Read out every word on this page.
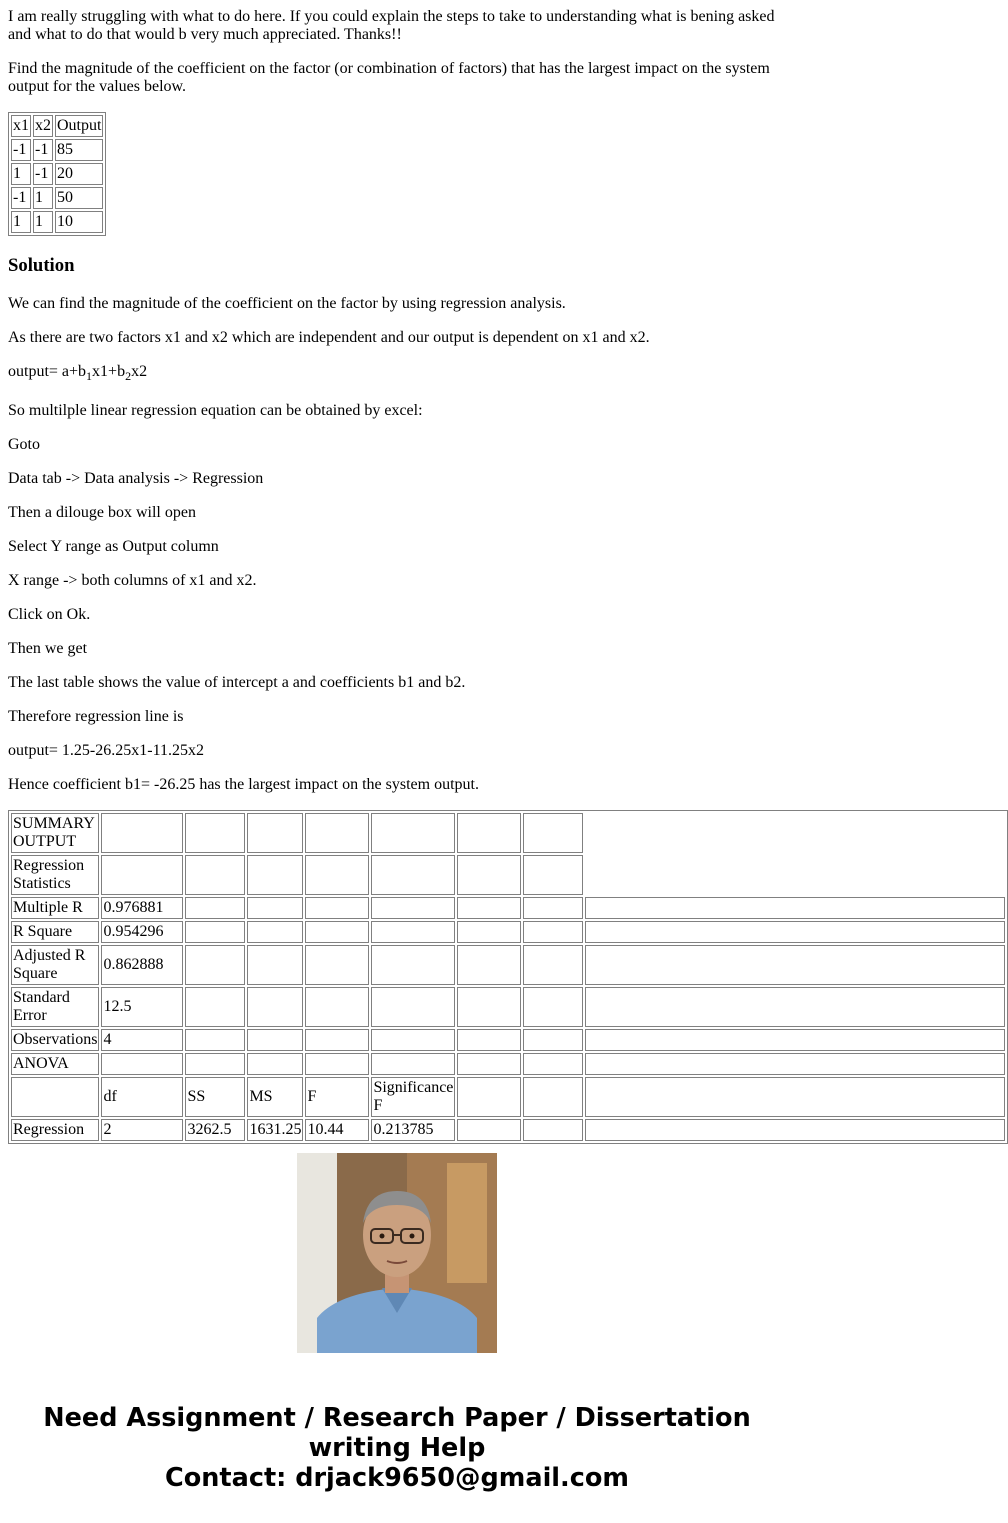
I am really struggling with what to do here. If you could explain the steps to take to understanding what is bening asked and what to do that would b very much appreciated. Thanks!!

Find the magnitude of the coefficient on the factor (or combination of factors) that has the largest impact on the system output for the values below.

x1	x2	Output
-1	-1	85
1	-1	20
-1	1	50
1	1	10
Solution

We can find the magnitude of the coefficient on the factor by using regression analysis.

As there are two factors x1 and x2 which are independent and our output is dependent on x1 and x2.

output= $a+b_1x1+b_2x2$

So multilple linear regression equation can be obtained by excel:

Goto

Data tab -> Data analysis -> Regression

Then a dilouge box will open

Select Y range as Output column

X range -> both columns of x1 and x2.

Click on Ok.

Then we get

The last table shows the value of intercept a and coefficients b1 and b2.

Therefore regression line is

output= 1.25-26.25x1-11.25x2

Hence coefficient b1= -26.25 has the largest impact on the system output.

SUMMARY OUTPUT								
Regression Statistics								
Multiple R	0.976881							
R Square	0.954296							
Adjusted R Square	0.862888							
Standard Error	12.5							
Observations	4							
ANOVA								
	df	SS	MS	F	Significance F			
Regression	2	3262.5	1631.25	10.44	0.213785			
Need Assignment / Research Paper / Dissertation
writing Help
Contact: drjack9650@gmail.com
